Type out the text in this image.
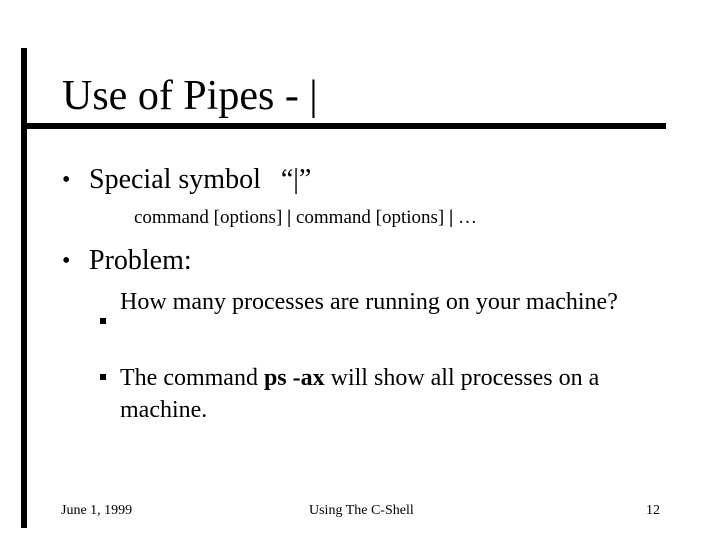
Use of Pipes - |
• Special symbol “|”
command [options] | command [options] | …
• Problem:
How many processes are running on your machine?
The command ps -ax will show all processes on a machine.
June 1, 1999	Using The C-Shell	12
